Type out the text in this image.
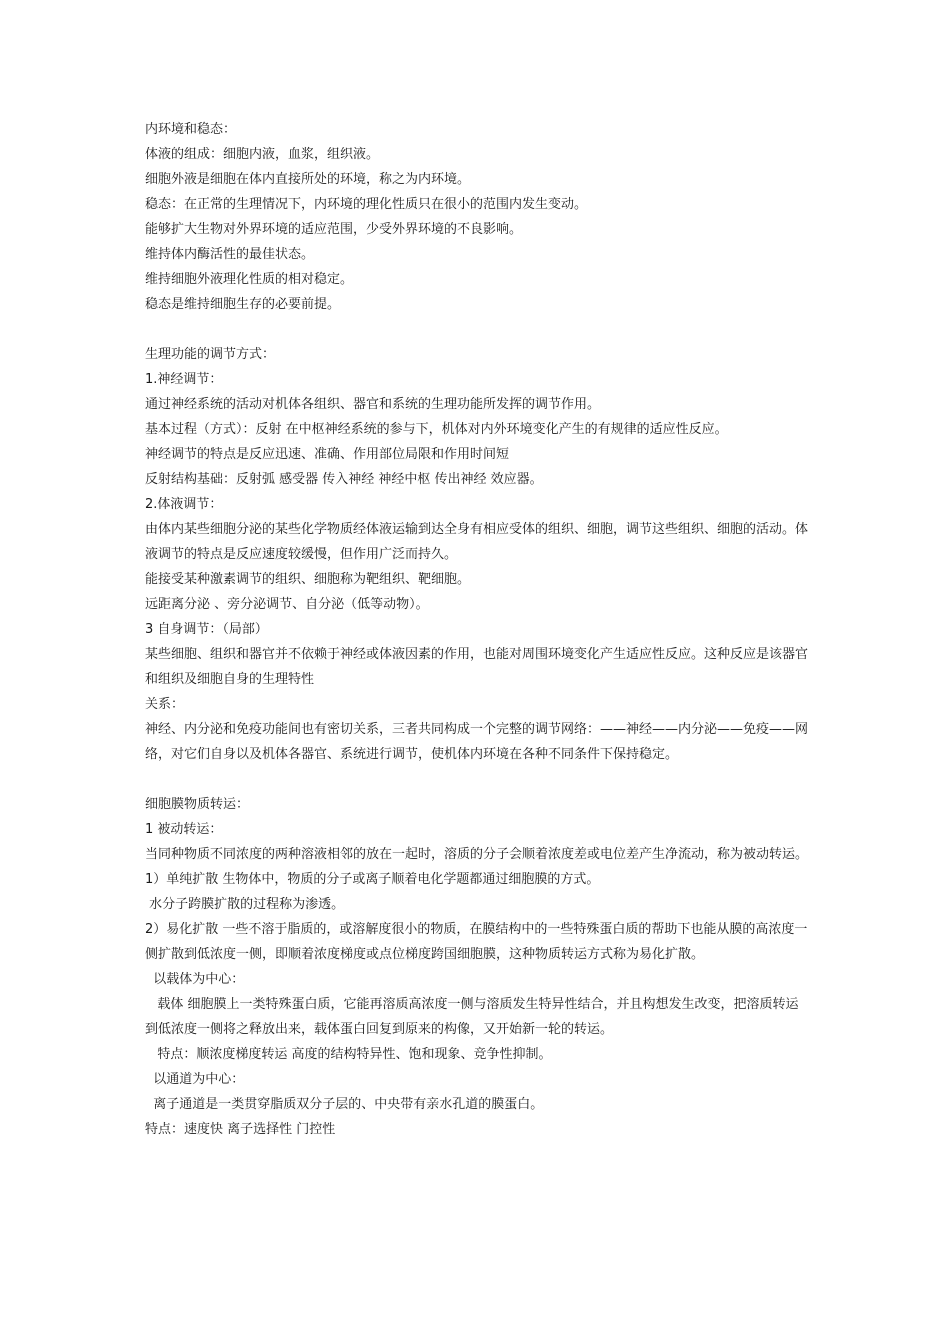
内环境和稳态：

体液的组成：细胞内液，血浆，组织液。

细胞外液是细胞在体内直接所处的环境，称之为内环境。

稳态：在正常的生理情况下，内环境的理化性质只在很小的范围内发生变动。

能够扩大生物对外界环境的适应范围，少受外界环境的不良影响。

维持体内酶活性的最佳状态。

维持细胞外液理化性质的相对稳定。

稳态是维持细胞生存的必要前提。

生理功能的调节方式：

1.神经调节：

通过神经系统的活动对机体各组织、器官和系统的生理功能所发挥的调节作用。

基本过程（方式）：反射 在中枢神经系统的参与下，机体对内外环境变化产生的有规律的适应性反应。

神经调节的特点是反应迅速、准确、作用部位局限和作用时间短

反射结构基础：反射弧 感受器 传入神经 神经中枢 传出神经 效应器。

2.体液调节：

由体内某些细胞分泌的某些化学物质经体液运输到达全身有相应受体的组织、细胞，调节这些组织、细胞的活动。体液调节的特点是反应速度较缓慢，但作用广泛而持久。

能接受某种激素调节的组织、细胞称为靶组织、靶细胞。

远距离分泌 、旁分泌调节、自分泌（低等动物）。

3 自身调节：（局部）

某些细胞、组织和器官并不依赖于神经或体液因素的作用，也能对周围环境变化产生适应性反应。这种反应是该器官和组织及细胞自身的生理特性

关系：

神经、内分泌和免疫功能间也有密切关系，三者共同构成一个完整的调节网络：——神经——内分泌——免疫——网络，对它们自身以及机体各器官、系统进行调节，使机体内环境在各种不同条件下保持稳定。

细胞膜物质转运：

1 被动转运：

当同种物质不同浓度的两种溶液相邻的放在一起时，溶质的分子会顺着浓度差或电位差产生净流动，称为被动转运。

1）单纯扩散 生物体中，物质的分子或离子顺着电化学题都通过细胞膜的方式。

水分子跨膜扩散的过程称为渗透。

2）易化扩散 一些不溶于脂质的，或溶解度很小的物质，在膜结构中的一些特殊蛋白质的帮助下也能从膜的高浓度一侧扩散到低浓度一侧，即顺着浓度梯度或点位梯度跨国细胞膜，这种物质转运方式称为易化扩散。

以载体为中心：

载体 细胞膜上一类特殊蛋白质，它能再溶质高浓度一侧与溶质发生特异性结合，并且构想发生改变，把溶质转运到低浓度一侧将之释放出来，载体蛋白回复到原来的构像，又开始新一轮的转运。

特点：顺浓度梯度转运 高度的结构特异性、饱和现象、竞争性抑制。

以通道为中心：

离子通道是一类贯穿脂质双分子层的、中央带有亲水孔道的膜蛋白。

特点：速度快 离子选择性 门控性
